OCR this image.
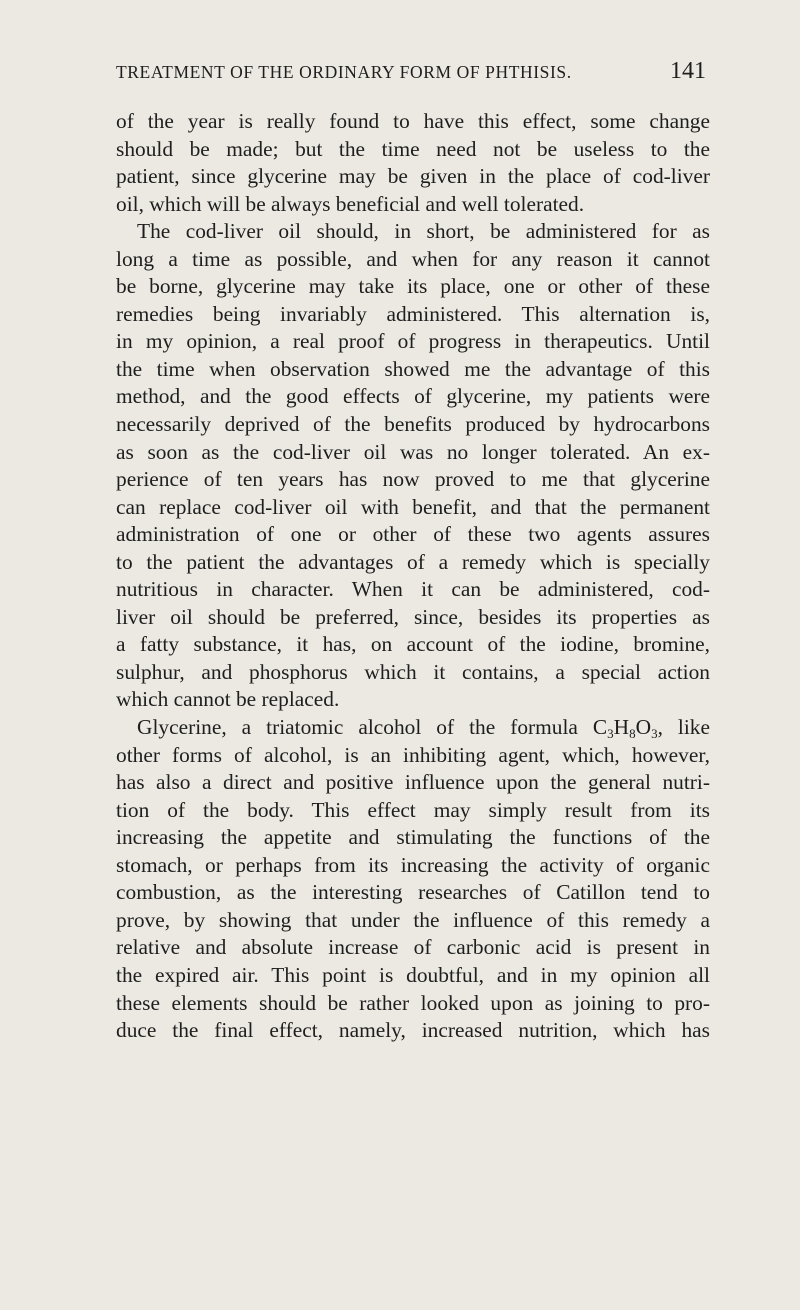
TREATMENT OF THE ORDINARY FORM OF PHTHISIS.	141
of the year is really found to have this effect, some change
should be made; but the time need not be useless to the
patient, since glycerine may be given in the place of cod-liver
oil, which will be always beneficial and well tolerated.
The cod-liver oil should, in short, be administered for as
long a time as possible, and when for any reason it cannot
be borne, glycerine may take its place, one or other of these
remedies being invariably administered. This alternation is,
in my opinion, a real proof of progress in therapeutics. Until
the time when observation showed me the advantage of this
method, and the good effects of glycerine, my patients were
necessarily deprived of the benefits produced by hydrocarbons
as soon as the cod-liver oil was no longer tolerated. An ex-
perience of ten years has now proved to me that glycerine
can replace cod-liver oil with benefit, and that the permanent
administration of one or other of these two agents assures
to the patient the advantages of a remedy which is specially
nutritious in character. When it can be administered, cod-
liver oil should be preferred, since, besides its properties as
a fatty substance, it has, on account of the iodine, bromine,
sulphur, and phosphorus which it contains, a special action
which cannot be replaced.
Glycerine, a triatomic alcohol of the formula $C_3H_8O_3$, like
other forms of alcohol, is an inhibiting agent, which, however,
has also a direct and positive influence upon the general nutri-
tion of the body. This effect may simply result from its
increasing the appetite and stimulating the functions of the
stomach, or perhaps from its increasing the activity of organic
combustion, as the interesting researches of Catillon tend to
prove, by showing that under the influence of this remedy a
relative and absolute increase of carbonic acid is present in
the expired air. This point is doubtful, and in my opinion all
these elements should be rather looked upon as joining to pro-
duce the final effect, namely, increased nutrition, which has
